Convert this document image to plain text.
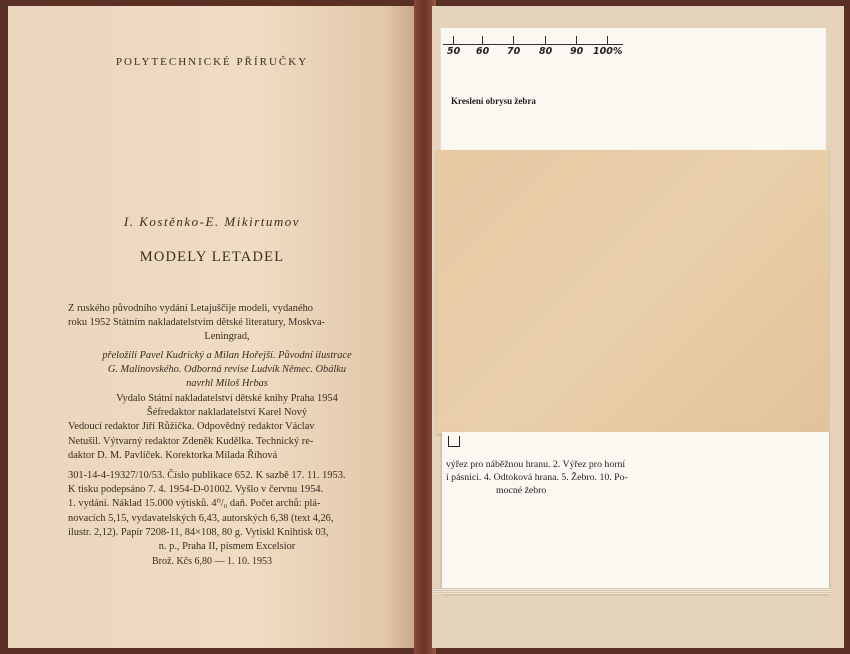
POLYTECHNICKÉ PŘÍRUČKY
I. Kostěnko-E. Mikirtumov
MODELY LETADEL

Z ruského původního vydání Letajuščije modeli, vydaného

roku 1952 Státním nakladatelstvím dětské literatury, Moskva-

Leningrad,

přeložili Pavel Kudrický a Milan Hořejší. Původní ilustrace

G. Malinovského. Odborná revise Ludvík Němec. Obálku

navrhl Miloš Hrbas

Vydalo Státní nakladatelství dětské knihy Praha 1954

Šéfredaktor nakladatelství Karel Nový

Vedoucí redaktor Jiří Růžička. Odpovědný redaktor Václav

Netušil. Výtvarný redaktor Zdeněk Kudělka. Technický re-

daktor D. M. Pavlíček. Korektorka Milada Říhová

301-14-4-19327/10/53. Číslo publikace 652. K sazbě 17. 11. 1953.

K tisku podepsáno 7. 4. 1954-D-01002. Vyšlo v červnu 1954.

1. vydání. Náklad 15.000 výtisků. 4⁰/₀ daň. Počet archů: plá-

novacích 5,15, vydavatelských 6,43, autorských 6,38 (text 4,26,

ilustr. 2,12). Papír 7208-11, 84×108, 80 g. Vytiskl Knihtisk 03,

n. p., Praha II, písmem Excelsior

Brož. Kčs 6,80 — 1. 10. 1953
50 60 70 80 90 100%
Kreslení obrysu žebra

výřez pro náběžnou hranu. 2. Výřez pro horní

í pásnici. 4. Odtoková hrana. 5. Žebro. 10. Po-

mocné žebro
